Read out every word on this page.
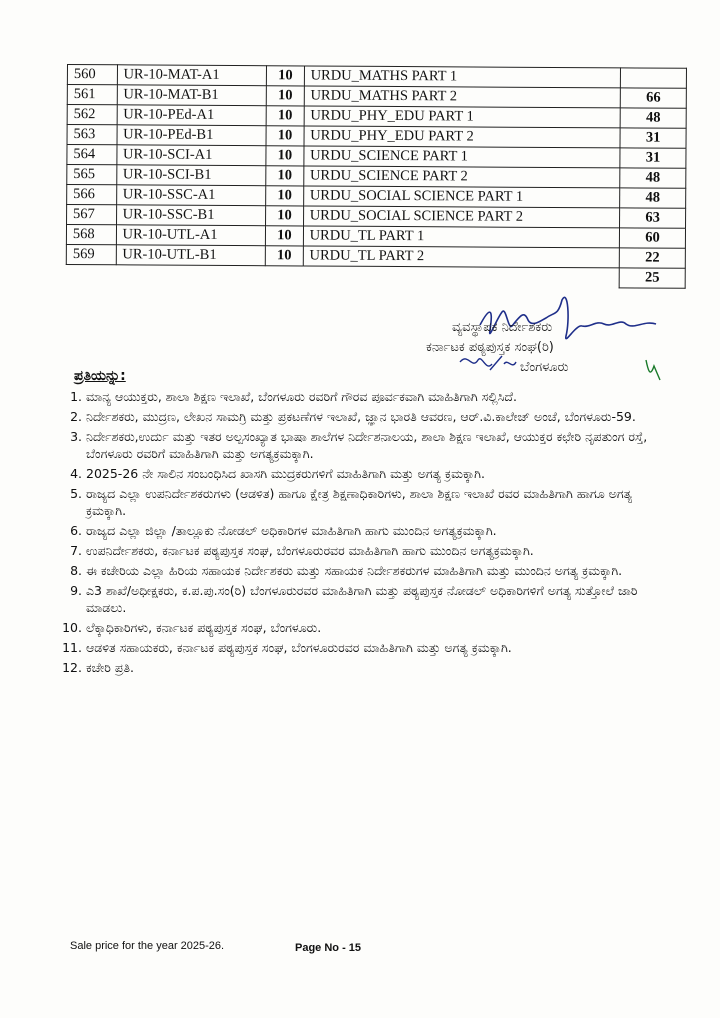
560	UR-10-MAT-A1	10	URDU_MATHS PART 1	
561	UR-10-MAT-B1	10	URDU_MATHS PART 2	66
562	UR-10-PEd-A1	10	URDU_PHY_EDU PART 1	48
563	UR-10-PEd-B1	10	URDU_PHY_EDU PART 2	31
564	UR-10-SCI-A1	10	URDU_SCIENCE PART 1	31
565	UR-10-SCI-B1	10	URDU_SCIENCE PART 2	48
566	UR-10-SSC-A1	10	URDU_SOCIAL SCIENCE PART 1	48
567	UR-10-SSC-B1	10	URDU_SOCIAL SCIENCE PART 2	63
568	UR-10-UTL-A1	10	URDU_TL PART 1	60
569	UR-10-UTL-B1	10	URDU_TL PART 2	22
				25
ವ್ಯವಸ್ಥಾಪಕ ನಿರ್ದೇಶಕರು
ಕರ್ನಾಟಕ ಪಠ್ಯಪುಸ್ತಕ ಸಂಘ(ರಿ)
ಬೆಂಗಳೂರು
ಪ್ರತಿಯನ್ನು:
1. ಮಾನ್ಯ ಆಯುಕ್ತರು, ಶಾಲಾ ಶಿಕ್ಷಣ ಇಲಾಖೆ, ಬೆಂಗಳೂರು ರವರಿಗೆ ಗೌರವ ಪೂರ್ವಕವಾಗಿ ಮಾಹಿತಿಗಾಗಿ ಸಲ್ಲಿಸಿದೆ.
2. ನಿರ್ದೇಶಕರು, ಮುದ್ರಣ, ಲೇಖನ ಸಾಮಗ್ರಿ ಮತ್ತು ಪ್ರಕಟಣೆಗಳ ಇಲಾಖೆ, ಜ್ಞಾನ ಭಾರತಿ ಆವರಣ, ಆರ್.ವಿ.ಕಾಲೇಜ್ ಅಂಚೆ, ಬೆಂಗಳೂರು-59.
3. ನಿರ್ದೇಶಕರು,ಉರ್ದು ಮತ್ತು ಇತರ ಅಲ್ಪಸಂಖ್ಯಾತ ಭಾಷಾ ಶಾಲೆಗಳ ನಿರ್ದೇಶನಾಲಯ, ಶಾಲಾ ಶಿಕ್ಷಣ ಇಲಾಖೆ, ಆಯುಕ್ತರ ಕಛೇರಿ ನೃಪತುಂಗ ರಸ್ತೆ, ಬೆಂಗಳೂರು ರವರಿಗೆ ಮಾಹಿತಿಗಾಗಿ ಮತ್ತು ಅಗತ್ಯಕ್ರಮಕ್ಕಾಗಿ.
4. 2025-26 ನೇ ಸಾಲಿನ ಸಂಬಂಧಿಸಿದ ಖಾಸಗಿ ಮುದ್ರಕರುಗಳಿಗೆ ಮಾಹಿತಿಗಾಗಿ ಮತ್ತು ಅಗತ್ಯ ಕ್ರಮಕ್ಕಾಗಿ.
5. ರಾಜ್ಯದ ಎಲ್ಲಾ ಉಪನಿರ್ದೇಶಕರುಗಳು (ಆಡಳಿತ) ಹಾಗೂ ಕ್ಷೇತ್ರ ಶಿಕ್ಷಣಾಧಿಕಾರಿಗಳು, ಶಾಲಾ ಶಿಕ್ಷಣ ಇಲಾಖೆ ರವರ ಮಾಹಿತಿಗಾಗಿ ಹಾಗೂ ಅಗತ್ಯ ಕ್ರಮಕ್ಕಾಗಿ.
6. ರಾಜ್ಯದ ಎಲ್ಲಾ ಜಿಲ್ಲಾ /ತಾಲ್ಲೂಕು ನೋಡಲ್ ಅಧಿಕಾರಿಗಳ ಮಾಹಿತಿಗಾಗಿ ಹಾಗು ಮುಂದಿನ ಅಗತ್ಯಕ್ರಮಕ್ಕಾಗಿ.
7. ಉಪನಿರ್ದೇಶಕರು, ಕರ್ನಾಟಕ ಪಠ್ಯಪುಸ್ತಕ ಸಂಘ, ಬೆಂಗಳೂರುರವರ ಮಾಹಿತಿಗಾಗಿ ಹಾಗು ಮುಂದಿನ ಅಗತ್ಯಕ್ರಮಕ್ಕಾಗಿ.
8. ಈ ಕಚೇರಿಯ ಎಲ್ಲಾ ಹಿರಿಯ ಸಹಾಯಕ ನಿರ್ದೇಶಕರು ಮತ್ತು ಸಹಾಯಕ ನಿರ್ದೇಶಕರುಗಳ ಮಾಹಿತಿಗಾಗಿ ಮತ್ತು ಮುಂದಿನ ಅಗತ್ಯ ಕ್ರಮಕ್ಕಾಗಿ.
9. ಎ3 ಶಾಖೆ/ಅಧೀಕ್ಷಕರು, ಕ.ಪ.ಪು.ಸಂ(ರಿ) ಬೆಂಗಳೂರುರವರ ಮಾಹಿತಿಗಾಗಿ ಮತ್ತು ಪಠ್ಯಪುಸ್ತಕ ನೋಡಲ್ ಅಧಿಕಾರಿಗಳಿಗೆ ಅಗತ್ಯ ಸುತ್ತೋಲೆ ಜಾರಿ ಮಾಡಲು.
10. ಲೆಕ್ಕಾಧಿಕಾರಿಗಳು, ಕರ್ನಾಟಕ ಪಠ್ಯಪುಸ್ತಕ ಸಂಘ, ಬೆಂಗಳೂರು.
11. ಆಡಳಿತ ಸಹಾಯಕರು, ಕರ್ನಾಟಕ ಪಠ್ಯಪುಸ್ತಕ ಸಂಘ, ಬೆಂಗಳೂರುರವರ ಮಾಹಿತಿಗಾಗಿ ಮತ್ತು ಅಗತ್ಯ ಕ್ರಮಕ್ಕಾಗಿ.
12. ಕಚೇರಿ ಪ್ರತಿ.
Sale price for the year 2025-26.	Page No - 15
